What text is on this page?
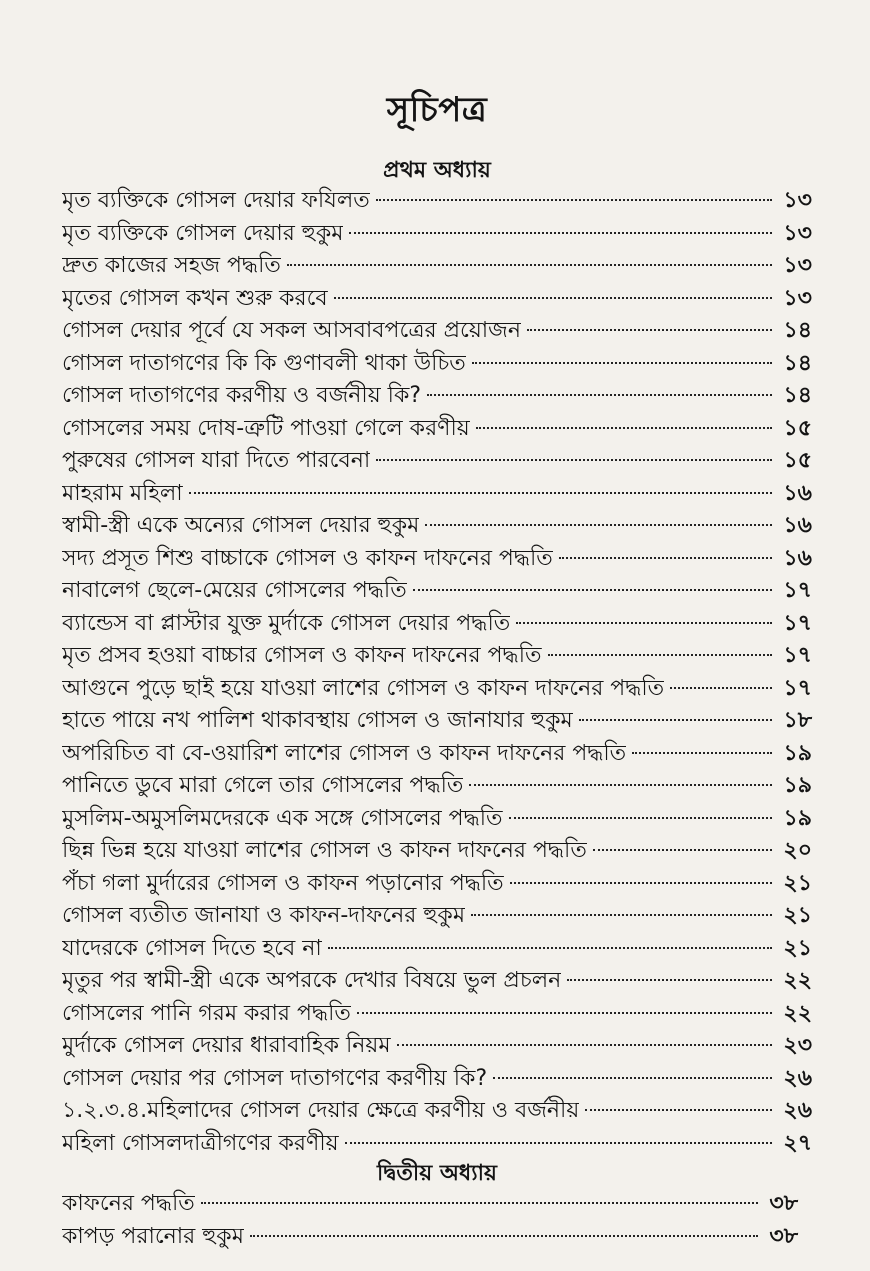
সূচিপত্র
প্রথম অধ্যায়
মৃত ব্যক্তিকে গোসল দেয়ার ফযিলত	১৩
মৃত ব্যক্তিকে গোসল দেয়ার হুকুম	১৩
দ্রুত কাজের সহজ পদ্ধতি	১৩
মৃতের গোসল কখন শুরু করবে	১৩
গোসল দেয়ার পূর্বে যে সকল আসবাবপত্রের প্রয়োজন	১৪
গোসল দাতাগণের কি কি গুণাবলী থাকা উচিত	১৪
গোসল দাতাগণের করণীয় ও বর্জনীয় কি?	১৪
গোসলের সময় দোষ-ত্রুটি পাওয়া গেলে করণীয়	১৫
পুরুষের গোসল যারা দিতে পারবেনা	১৫
মাহরাম মহিলা	১৬
স্বামী-স্ত্রী একে অন্যের গোসল দেয়ার হুকুম	১৬
সদ্য প্রসূত শিশু বাচ্চাকে গোসল ও কাফন দাফনের পদ্ধতি	১৬
নাবালেগ ছেলে-মেয়ের গোসলের পদ্ধতি	১৭
ব্যান্ডেস বা প্লাস্টার যুক্ত মুর্দাকে গোসল দেয়ার পদ্ধতি	১৭
মৃত প্রসব হওয়া বাচ্চার গোসল ও কাফন দাফনের পদ্ধতি	১৭
আগুনে পুড়ে ছাই হয়ে যাওয়া লাশের গোসল ও কাফন দাফনের পদ্ধতি	১৭
হাতে পায়ে নখ পালিশ থাকাবস্থায় গোসল ও জানাযার হুকুম	১৮
অপরিচিত বা বে-ওয়ারিশ লাশের গোসল ও কাফন দাফনের পদ্ধতি	১৯
পানিতে ডুবে মারা গেলে তার গোসলের পদ্ধতি	১৯
মুসলিম-অমুসলিমদেরকে এক সঙ্গে গোসলের পদ্ধতি	১৯
ছিন্ন ভিন্ন হয়ে যাওয়া লাশের গোসল ও কাফন দাফনের পদ্ধতি	২০
পঁচা গলা মুর্দারের গোসল ও কাফন পড়ানোর পদ্ধতি	২১
গোসল ব্যতীত জানাযা ও কাফন-দাফনের হুকুম	২১
যাদেরকে গোসল দিতে হবে না	২১
মৃতুর পর স্বামী-স্ত্রী একে অপরকে দেখার বিষয়ে ভুল প্রচলন	২২
গোসলের পানি গরম করার পদ্ধতি	২২
মুর্দাকে গোসল দেয়ার ধারাবাহিক নিয়ম	২৩
গোসল দেয়ার পর গোসল দাতাগণের করণীয় কি?	২৬
১.২.৩.৪.মহিলাদের গোসল দেয়ার ক্ষেত্রে করণীয় ও বর্জনীয়	২৬
মহিলা গোসলদাত্রীগণের করণীয়	২৭
দ্বিতীয় অধ্যায়
কাফনের পদ্ধতি	৩৮
কাপড় পরানোর হুকুম	৩৮
